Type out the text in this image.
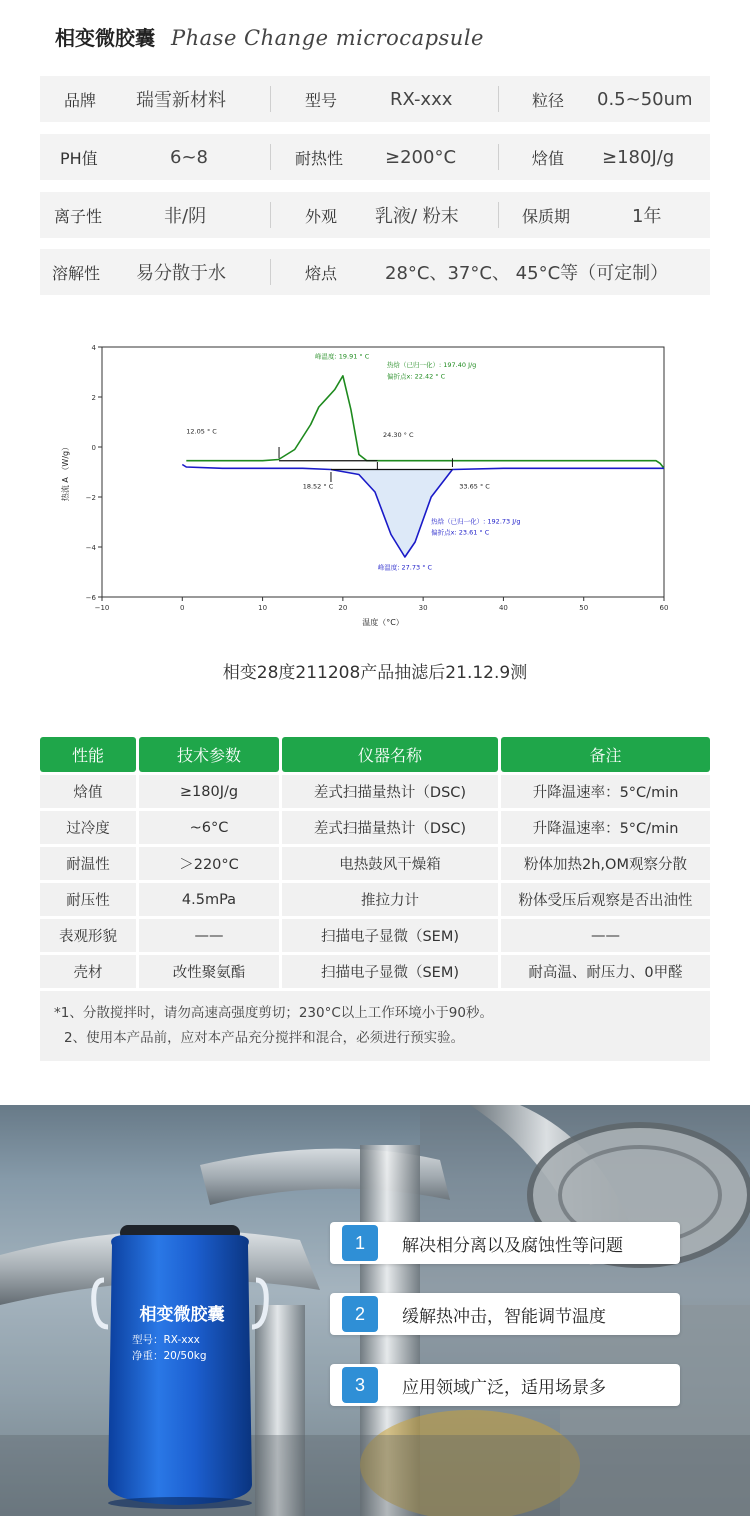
相变微胶囊 Phase Change microcapsule
品牌 瑞雪新材料	型号	RX-xxx	粒径 0.5~50um
PH值	6~8	耐热性 ≥200°C	焓值 ≥180J/g
离子性	非/阴	外观 乳液/ 粉末	保质期	1年
溶解性 易分散于水	熔点	28°C、37°C、 45°C等（可定制）
热流 A （W/g）
温度（°C）
−10	0	10	20	30	40	50	60
−6
−4
−2
0
2
4
峰温度: 19.91 ° C
热焓（已归一化）: 197.40 J/g
偏折点x: 22.42 ° C
12.05 ° C	24.30 ° C
18.52 ° C	33.65 ° C
热焓（已归一化）: 192.73 J/g
偏折点x: 23.61 ° C
峰温度: 27.73 ° C
相变28度211208产品抽滤后21.12.9测
性能	技术参数	仪器名称	备注
焓值	≥180J/g	差式扫描量热计（DSC)	升降温速率：5°C/min
过冷度	~6°C	差式扫描量热计（DSC)	升降温速率：5°C/min
耐温性	＞220°C	电热鼓风干燥箱	粉体加热2h,OM观察分散
耐压性	4.5mPa	推拉力计	粉体受压后观察是否出油性
表观形貌	——	扫描电子显微（SEM)	——
壳材	改性聚氨酯	扫描电子显微（SEM)	耐高温、耐压力、0甲醛
*1、分散搅拌时，请勿高速高强度剪切；230°C以上工作环境小于90秒。
2、使用本产品前，应对本产品充分搅拌和混合，必须进行预实验。
相变微胶囊
型号：RX-xxx
净重：20/50kg
1	解决相分离以及腐蚀性等问题
2	缓解热冲击，智能调节温度
3	应用领域广泛，适用场景多
